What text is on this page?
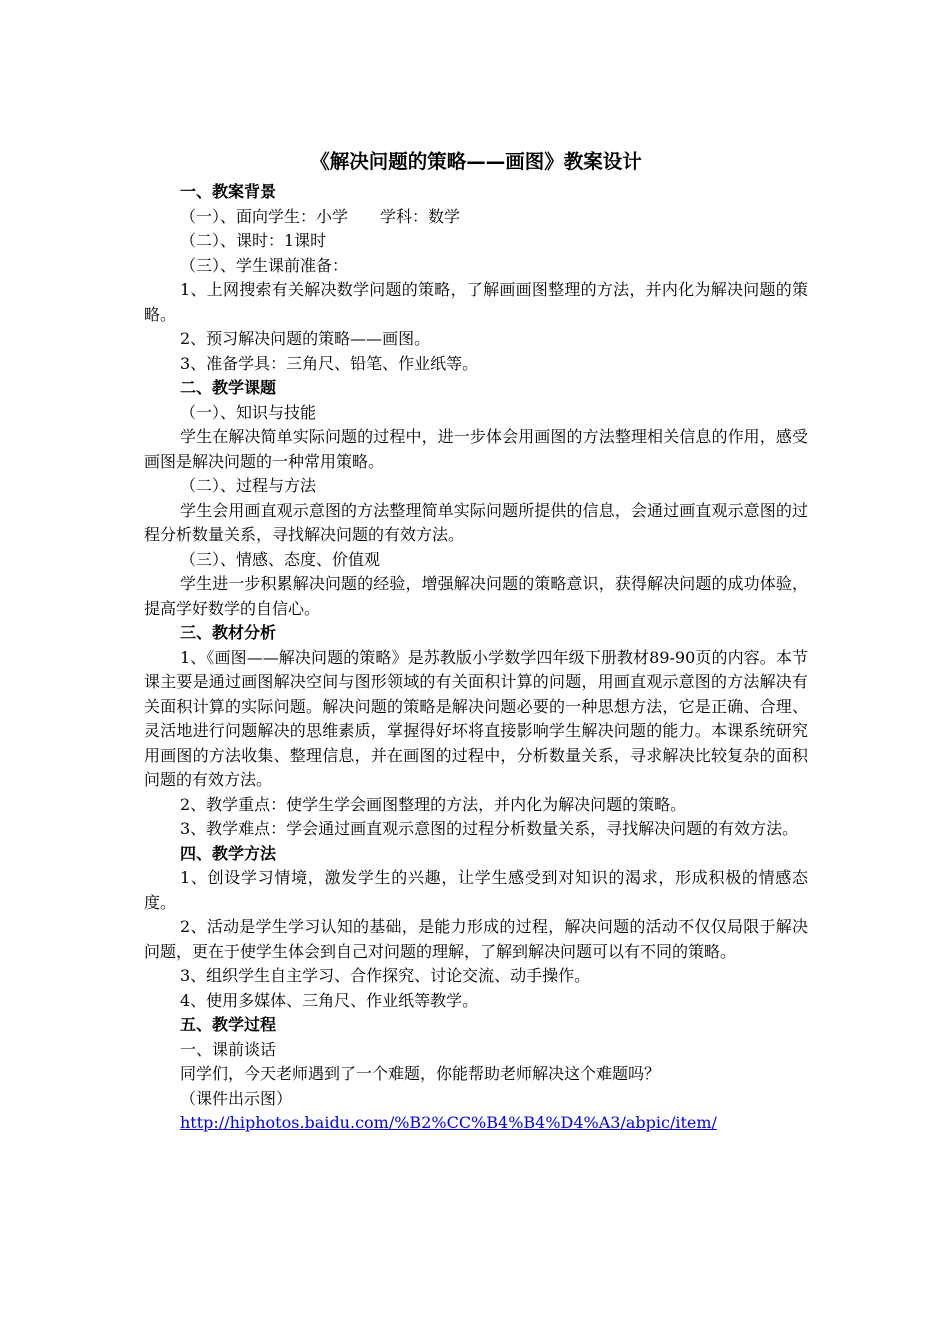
《解决问题的策略——画图》教案设计
一、教案背景
（一）、面向学生：小学　　学科：数学
（二）、课时：1课时
（三）、学生课前准备：
1、上网搜索有关解决数学问题的策略，了解画画图整理的方法，并内化为解决问题的策略。
2、预习解决问题的策略——画图。
3、准备学具：三角尺、铅笔、作业纸等。
二、教学课题
（一）、知识与技能
学生在解决简单实际问题的过程中，进一步体会用画图的方法整理相关信息的作用，感受画图是解决问题的一种常用策略。
（二）、过程与方法
学生会用画直观示意图的方法整理简单实际问题所提供的信息，会通过画直观示意图的过程分析数量关系，寻找解决问题的有效方法。
（三）、情感、态度、价值观
学生进一步积累解决问题的经验，增强解决问题的策略意识，获得解决问题的成功体验，提高学好数学的自信心。
三、教材分析
1、《画图——解决问题的策略》是苏教版小学数学四年级下册教材89-90页的内容。本节课主要是通过画图解决空间与图形领域的有关面积计算的问题，用画直观示意图的方法解决有关面积计算的实际问题。解决问题的策略是解决问题必要的一种思想方法，它是正确、合理、灵活地进行问题解决的思维素质，掌握得好坏将直接影响学生解决问题的能力。本课系统研究用画图的方法收集、整理信息，并在画图的过程中，分析数量关系，寻求解决比较复杂的面积问题的有效方法。
2、教学重点：使学生学会画图整理的方法，并内化为解决问题的策略。
3、教学难点：学会通过画直观示意图的过程分析数量关系，寻找解决问题的有效方法。
四、教学方法
1、创设学习情境，激发学生的兴趣，让学生感受到对知识的渴求，形成积极的情感态度。
2、活动是学生学习认知的基础，是能力形成的过程，解决问题的活动不仅仅局限于解决问题，更在于使学生体会到自己对问题的理解，了解到解决问题可以有不同的策略。
3、组织学生自主学习、合作探究、讨论交流、动手操作。
4、使用多媒体、三角尺、作业纸等教学。
五、教学过程
一、课前谈话
同学们，今天老师遇到了一个难题，你能帮助老师解决这个难题吗？
（课件出示图）
http://hiphotos.baidu.com/%B2%CC%B4%B4%D4%A3/abpic/item/
